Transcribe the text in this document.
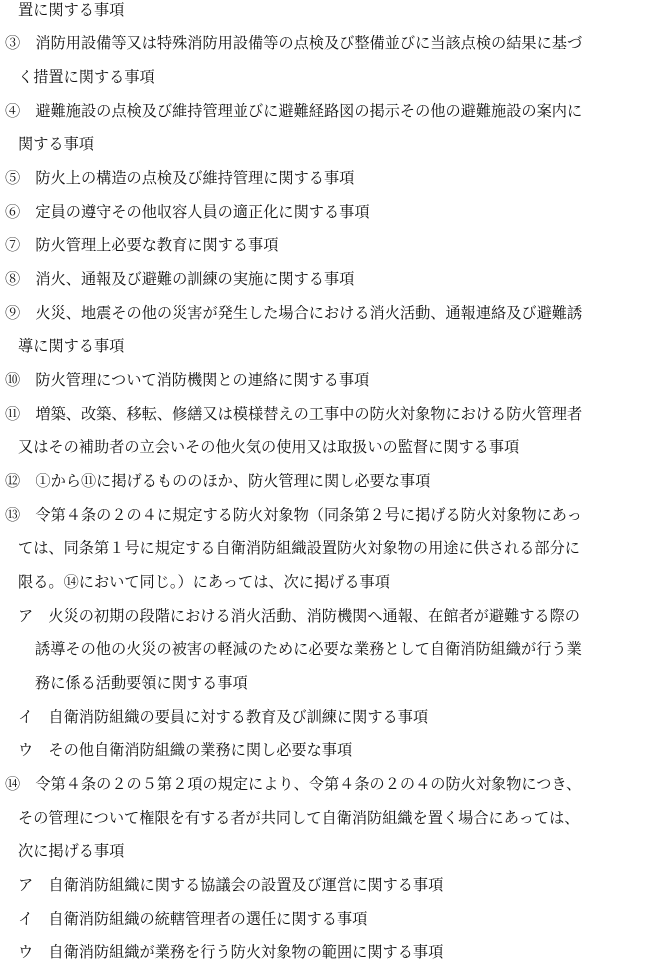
置に関する事項
③　消防用設備等又は特殊消防用設備等の点検及び整備並びに当該点検の結果に基づ
く措置に関する事項
④　避難施設の点検及び維持管理並びに避難経路図の掲示その他の避難施設の案内に
関する事項
⑤　防火上の構造の点検及び維持管理に関する事項
⑥　定員の遵守その他収容人員の適正化に関する事項
⑦　防火管理上必要な教育に関する事項
⑧　消火、通報及び避難の訓練の実施に関する事項
⑨　火災、地震その他の災害が発生した場合における消火活動、通報連絡及び避難誘
導に関する事項
⑩　防火管理について消防機関との連絡に関する事項
⑪　増築、改築、移転、修繕又は模様替えの工事中の防火対象物における防火管理者
又はその補助者の立会いその他火気の使用又は取扱いの監督に関する事項
⑫　①から⑪に掲げるもののほか、防火管理に関し必要な事項
⑬　令第４条の２の４に規定する防火対象物（同条第２号に掲げる防火対象物にあっ
ては、同条第１号に規定する自衛消防組織設置防火対象物の用途に供される部分に
限る。⑭において同じ。）にあっては、次に掲げる事項
ア　火災の初期の段階における消火活動、消防機関へ通報、在館者が避難する際の
誘導その他の火災の被害の軽減のために必要な業務として自衛消防組織が行う業
務に係る活動要領に関する事項
イ　自衛消防組織の要員に対する教育及び訓練に関する事項
ウ　その他自衛消防組織の業務に関し必要な事項
⑭　令第４条の２の５第２項の規定により、令第４条の２の４の防火対象物につき、
その管理について権限を有する者が共同して自衛消防組織を置く場合にあっては、
次に掲げる事項
ア　自衛消防組織に関する協議会の設置及び運営に関する事項
イ　自衛消防組織の統轄管理者の選任に関する事項
ウ　自衛消防組織が業務を行う防火対象物の範囲に関する事項
